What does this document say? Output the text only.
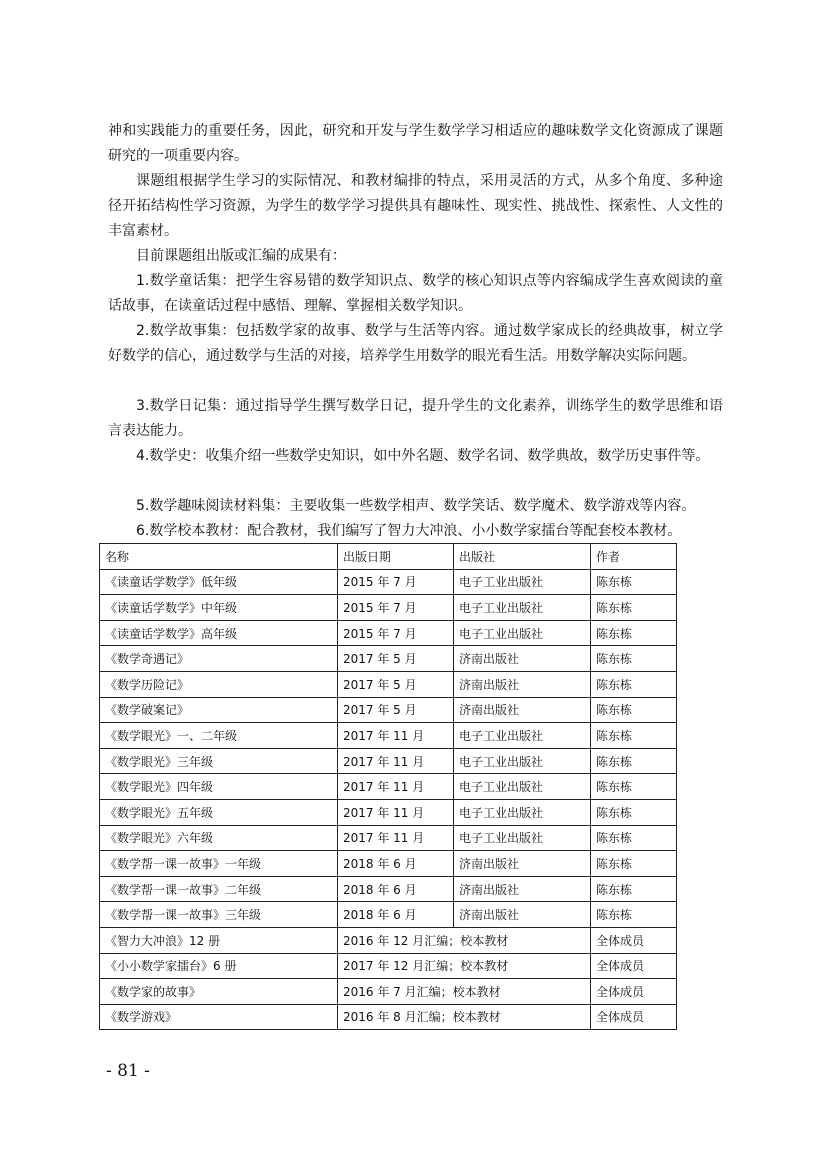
神和实践能力的重要任务，因此，研究和开发与学生数学学习相适应的趣味数学文化资源成了课题研究的一项重要内容。

课题组根据学生学习的实际情况、和教材编排的特点，采用灵活的方式，从多个角度、多种途径开拓结构性学习资源，为学生的数学学习提供具有趣味性、现实性、挑战性、探索性、人文性的丰富素材。

目前课题组出版或汇编的成果有：

1.数学童话集：把学生容易错的数学知识点、数学的核心知识点等内容编成学生喜欢阅读的童话故事，在读童话过程中感悟、理解、掌握相关数学知识。

2.数学故事集：包括数学家的故事、数学与生活等内容。通过数学家成长的经典故事，树立学好数学的信心，通过数学与生活的对接，培养学生用数学的眼光看生活。用数学解决实际问题。

3.数学日记集：通过指导学生撰写数学日记，提升学生的文化素养，训练学生的数学思维和语言表达能力。

4.数学史：收集介绍一些数学史知识，如中外名题、数学名词、数学典故，数学历史事件等。

5.数学趣味阅读材料集：主要收集一些数学相声、数学笑话、数学魔术、数学游戏等内容。

6.数学校本教材：配合教材，我们编写了智力大冲浪、小小数学家擂台等配套校本教材。

名称	出版日期	出版社	作者
《读童话学数学》低年级	2015 年 7 月	电子工业出版社	陈东栋
《读童话学数学》中年级	2015 年 7 月	电子工业出版社	陈东栋
《读童话学数学》高年级	2015 年 7 月	电子工业出版社	陈东栋
《数学奇遇记》	2017 年 5 月	济南出版社	陈东栋
《数学历险记》	2017 年 5 月	济南出版社	陈东栋
《数学破案记》	2017 年 5 月	济南出版社	陈东栋
《数学眼光》一、二年级	2017 年 11 月	电子工业出版社	陈东栋
《数学眼光》三年级	2017 年 11 月	电子工业出版社	陈东栋
《数学眼光》四年级	2017 年 11 月	电子工业出版社	陈东栋
《数学眼光》五年级	2017 年 11 月	电子工业出版社	陈东栋
《数学眼光》六年级	2017 年 11 月	电子工业出版社	陈东栋
《数学帮一课一故事》一年级	2018 年 6 月	济南出版社	陈东栋
《数学帮一课一故事》二年级	2018 年 6 月	济南出版社	陈东栋
《数学帮一课一故事》三年级	2018 年 6 月	济南出版社	陈东栋
《智力大冲浪》12 册	2016 年 12 月汇编；校本教材		全体成员
《小小数学家擂台》6 册	2017 年 12 月汇编；校本教材		全体成员
《数学家的故事》	2016 年 7 月汇编；校本教材		全体成员
《数学游戏》	2016 年 8 月汇编；校本教材		全体成员
- 81 -
